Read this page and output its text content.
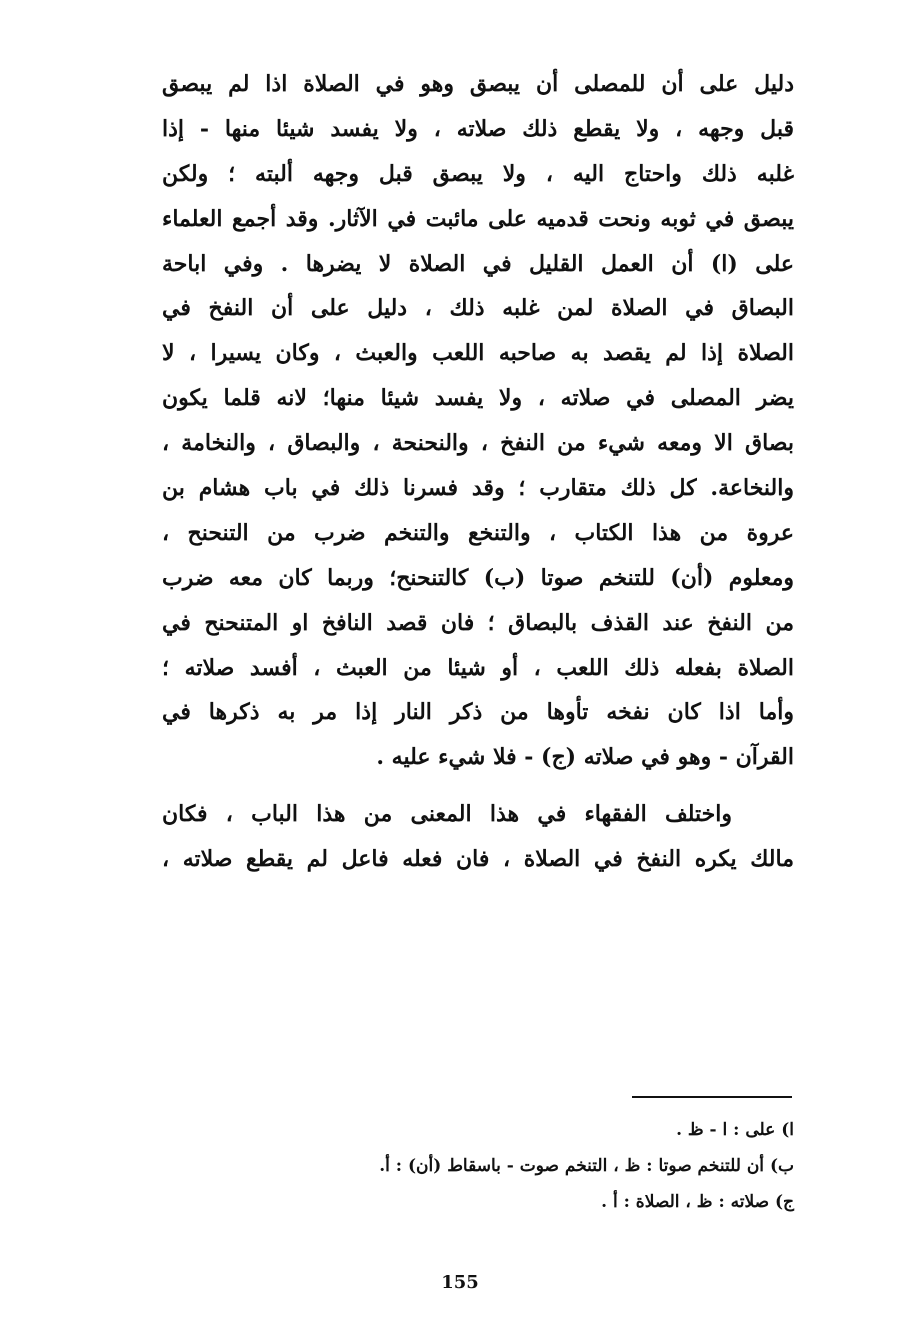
دليل على أن للمصلى أن يبصق وهو في الصلاة اذا لم يبصق
قبل وجهه ، ولا يقطع ذلك صلاته ، ولا يفسد شيئا منها - إذا
غلبه ذلك واحتاج اليه ، ولا يبصق قبل وجهه ألبته ؛ ولكن
يبصق في ثوبه ونحت قدميه على مائبت في الآثار. وقد أجمع العلماء
على (ا) أن العمل القليل في الصلاة لا يضرها . وفي اباحة
البصاق في الصلاة لمن غلبه ذلك ، دليل على أن النفخ في
الصلاة إذا لم يقصد به صاحبه اللعب والعبث ، وكان يسيرا ، لا
يضر المصلى في صلاته ، ولا يفسد شيئا منها؛ لانه قلما يكون
بصاق الا ومعه شيء من النفخ ، والنحنحة ، والبصاق ، والنخامة ،
والنخاعة. كل ذلك متقارب ؛ وقد فسرنا ذلك في باب هشام بن
عروة من هذا الكتاب ، والتنخع والتنخم ضرب من التنحنح ،
ومعلوم (أن) للتنخم صوتا (ب) كالتنحنح؛ وربما كان معه ضرب
من النفخ عند القذف بالبصاق ؛ فان قصد النافخ او المتنحنح في
الصلاة بفعله ذلك اللعب ، أو شيئا من العبث ، أفسد صلاته ؛
وأما اذا كان نفخه تأوها من ذكر النار إذا مر به ذكرها في
القرآن - وهو في صلاته (ج) - فلا شيء عليه .
واختلف الفقهاء في هذا المعنى من هذا الباب ، فكان
مالك يكره النفخ في الصلاة ، فان فعله فاعل لم يقطع صلاته ،
ا) على : ا - ظ .
ب) أن للتنخم صوتا : ظ ، التنخم صوت - باسقاط (أن) : أ.
ج) صلاته : ظ ، الصلاة : أ .
155
